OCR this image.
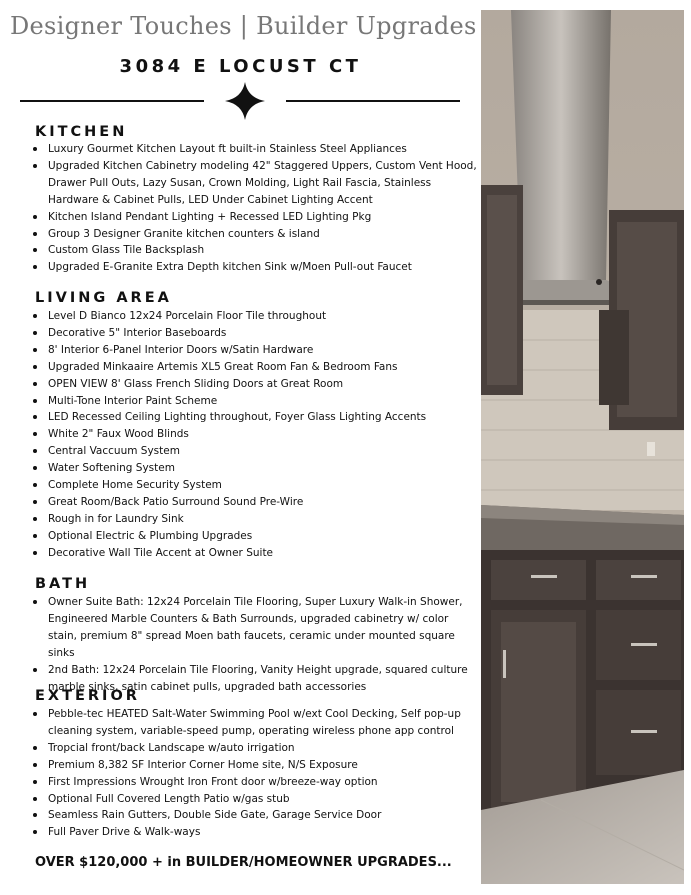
Designer Touches | Builder Upgrades
3084 E LOCUST CT
KITCHEN
Luxury Gourmet Kitchen Layout ft built-in Stainless Steel Appliances
Upgraded Kitchen Cabinetry modeling 42" Staggered Uppers, Custom Vent Hood, Drawer Pull Outs, Lazy Susan, Crown Molding, Light Rail Fascia, Stainless Hardware & Cabinet Pulls, LED Under Cabinet Lighting Accent
Kitchen Island Pendant Lighting + Recessed LED Lighting Pkg
Group 3 Designer Granite kitchen counters & island
Custom Glass Tile Backsplash
Upgraded E-Granite Extra Depth kitchen Sink w/Moen Pull-out Faucet
LIVING AREA
Level D Bianco 12x24 Porcelain Floor Tile throughout
Decorative 5" Interior Baseboards
8' Interior 6-Panel Interior Doors w/Satin Hardware
Upgraded Minkaaire Artemis XL5 Great Room Fan & Bedroom Fans
OPEN VIEW 8' Glass French Sliding Doors at Great Room
Multi-Tone Interior Paint Scheme
LED Recessed Ceiling Lighting throughout, Foyer Glass Lighting Accents
White 2" Faux Wood Blinds
Central Vaccuum System
Water Softening System
Complete Home Security System
Great Room/Back Patio Surround Sound Pre-Wire
Rough in for Laundry Sink
Optional Electric & Plumbing Upgrades
Decorative Wall Tile Accent at Owner Suite
BATH
Owner Suite Bath: 12x24 Porcelain Tile Flooring, Super Luxury Walk-in Shower, Engineered Marble Counters & Bath Surrounds, upgraded cabinetry w/ color stain, premium 8" spread Moen bath faucets, ceramic under mounted square sinks
2nd Bath: 12x24 Porcelain Tile Flooring, Vanity Height upgrade, squared culture marble sinks, satin cabinet pulls, upgraded bath accessories
EXTERIOR
Pebble-tec HEATED Salt-Water Swimming Pool w/ext Cool Decking, Self pop-up cleaning system, variable-speed pump, operating wireless phone app control
Tropcial front/back Landscape w/auto irrigation
Premium 8,382 SF Interior Corner Home site, N/S Exposure
First Impressions Wrought Iron Front door w/breeze-way option
Optional Full Covered Length Patio w/gas stub
Seamless Rain Gutters, Double Side Gate, Garage Service Door
Full Paver Drive & Walk-ways
OVER $120,000 + in BUILDER/HOMEOWNER UPGRADES...
